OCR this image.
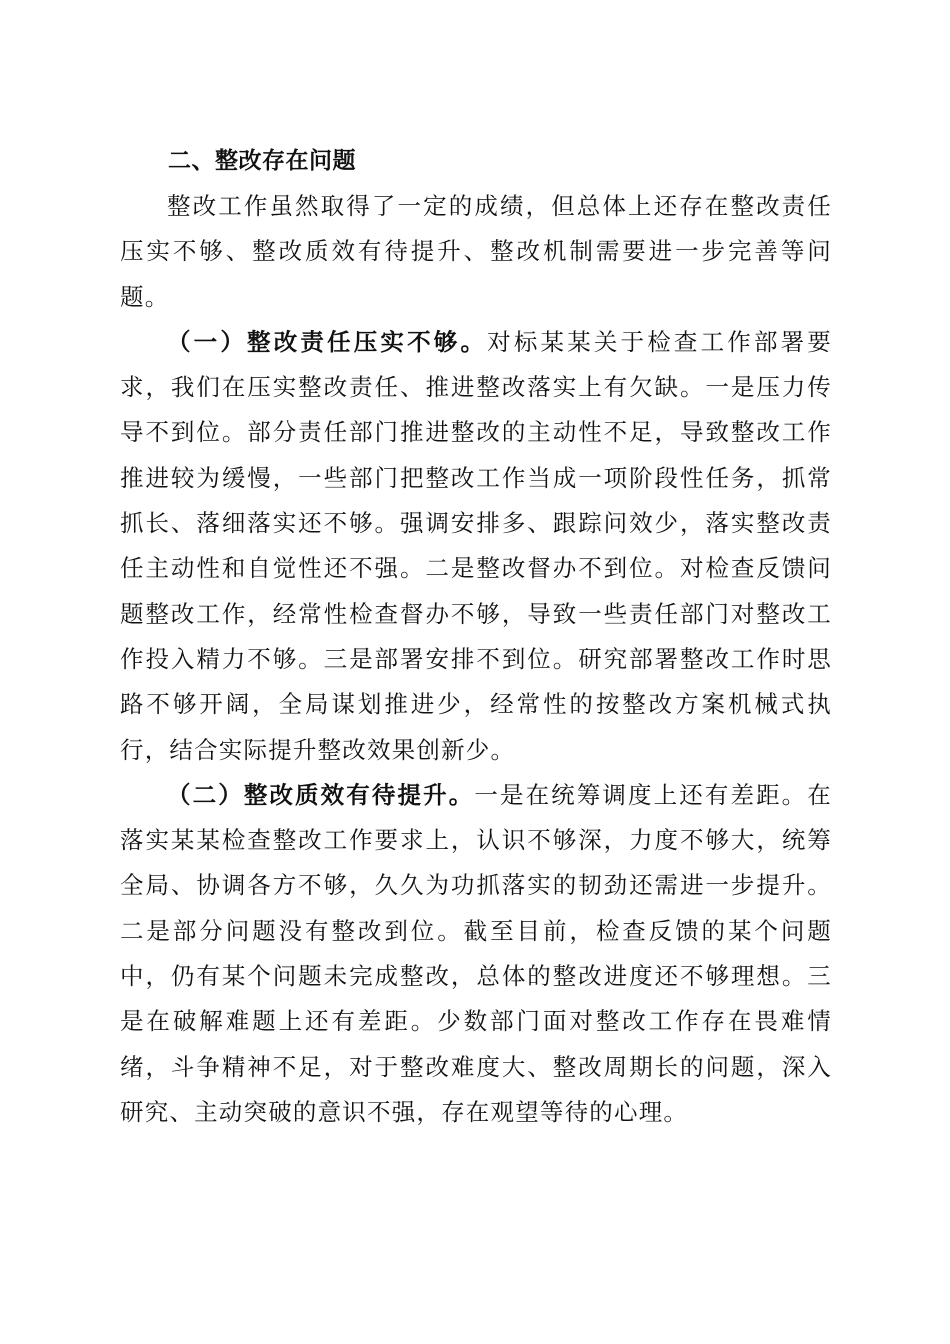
二、整改存在问题

整改工作虽然取得了一定的成绩，但总体上还存在整改责任压实不够、整改质效有待提升、整改机制需要进一步完善等问题。

（一）整改责任压实不够。对标某某关于检查工作部署要求，我们在压实整改责任、推进整改落实上有欠缺。一是压力传导不到位。部分责任部门推进整改的主动性不足，导致整改工作推进较为缓慢，一些部门把整改工作当成一项阶段性任务，抓常抓长、落细落实还不够。强调安排多、跟踪问效少，落实整改责任主动性和自觉性还不强。二是整改督办不到位。对检查反馈问题整改工作，经常性检查督办不够，导致一些责任部门对整改工作投入精力不够。三是部署安排不到位。研究部署整改工作时思路不够开阔，全局谋划推进少，经常性的按整改方案机械式执行，结合实际提升整改效果创新少。

（二）整改质效有待提升。一是在统筹调度上还有差距。在落实某某检查整改工作要求上，认识不够深，力度不够大，统筹全局、协调各方不够，久久为功抓落实的韧劲还需进一步提升。二是部分问题没有整改到位。截至目前，检查反馈的某个问题中，仍有某个问题未完成整改，总体的整改进度还不够理想。三是在破解难题上还有差距。少数部门面对整改工作存在畏难情绪，斗争精神不足，对于整改难度大、整改周期长的问题，深入研究、主动突破的意识不强，存在观望等待的心理。
